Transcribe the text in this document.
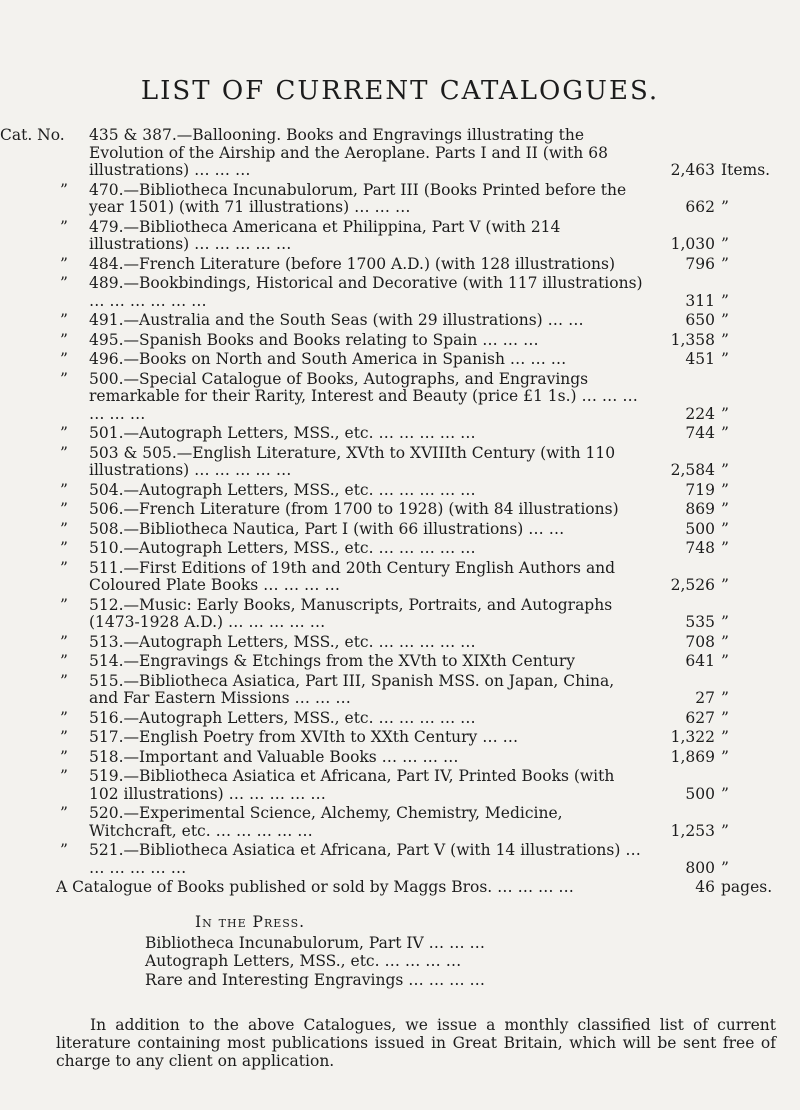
LIST OF CURRENT CATALOGUES.
Cat. No. 435 & 387.—Ballooning. Books and Engravings illustrating the Evolution of the Airship and the Aeroplane. Parts I and II (with 68 illustrations) … … …	2,463 Items.
” 470.—Bibliotheca Incunabulorum, Part III (Books Printed before the year 1501) (with 71 illustrations) … … …	662 ”
” 479.—Bibliotheca Americana et Philippina, Part V (with 214 illustrations) … … … … …	1,030 ”
” 484.—French Literature (before 1700 A.D.) (with 128 illustrations)	796 ”
” 489.—Bookbindings, Historical and Decorative (with 117 illustrations) … … … … … …	311 ”
” 491.—Australia and the South Seas (with 29 illustrations) … …	650 ”
” 495.—Spanish Books and Books relating to Spain … … …	1,358 ”
” 496.—Books on North and South America in Spanish … … …	451 ”
” 500.—Special Catalogue of Books, Autographs, and Engravings remarkable for their Rarity, Interest and Beauty (price £1 1s.) … … … … … …	224 ”
” 501.—Autograph Letters, MSS., etc. … … … … …	744 ”
” 503 & 505.—English Literature, XVth to XVIIIth Century (with 110 illustrations) … … … … …	2,584 ”
” 504.—Autograph Letters, MSS., etc. … … … … …	719 ”
” 506.—French Literature (from 1700 to 1928) (with 84 illustrations)	869 ”
” 508.—Bibliotheca Nautica, Part I (with 66 illustrations) … …	500 ”
” 510.—Autograph Letters, MSS., etc. … … … … …	748 ”
” 511.—First Editions of 19th and 20th Century English Authors and Coloured Plate Books … … … …	2,526 ”
” 512.—Music: Early Books, Manuscripts, Portraits, and Autographs (1473-1928 A.D.) … … … … …	535 ”
” 513.—Autograph Letters, MSS., etc. … … … … …	708 ”
” 514.—Engravings & Etchings from the XVth to XIXth Century	641 ”
” 515.—Bibliotheca Asiatica, Part III, Spanish MSS. on Japan, China, and Far Eastern Missions … … …	27 ”
” 516.—Autograph Letters, MSS., etc. … … … … …	627 ”
” 517.—English Poetry from XVIth to XXth Century … …	1,322 ”
” 518.—Important and Valuable Books … … … …	1,869 ”
” 519.—Bibliotheca Asiatica et Africana, Part IV, Printed Books (with 102 illustrations) … … … … …	500 ”
” 520.—Experimental Science, Alchemy, Chemistry, Medicine, Witchcraft, etc. … … … … …	1,253 ”
” 521.—Bibliotheca Asiatica et Africana, Part V (with 14 illustrations) … … … … … …	800 ”
A Catalogue of Books published or sold by Maggs Bros. … … … …	46 pages.
In the Press.
Bibliotheca Incunabulorum, Part IV … … …
Autograph Letters, MSS., etc. … … … …
Rare and Interesting Engravings … … … …
In addition to the above Catalogues, we issue a monthly classified list of current literature containing most publications issued in Great Britain, which will be sent free of charge to any client on application.
